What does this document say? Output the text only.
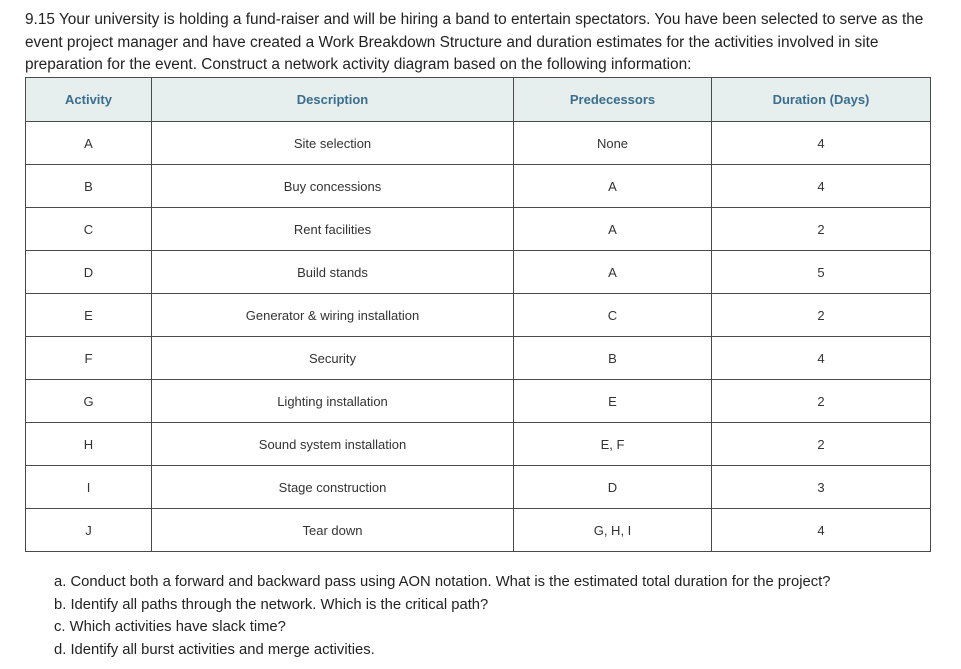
9.15 Your university is holding a fund-raiser and will be hiring a band to entertain spectators. You have been selected to serve as the event project manager and have created a Work Breakdown Structure and duration estimates for the activities involved in site preparation for the event. Construct a network activity diagram based on the following information:
Activity	Description	Predecessors	Duration (Days)
A	Site selection	None	4
B	Buy concessions	A	4
C	Rent facilities	A	2
D	Build stands	A	5
E	Generator & wiring installation	C	2
F	Security	B	4
G	Lighting installation	E	2
H	Sound system installation	E, F	2
I	Stage construction	D	3
J	Tear down	G, H, I	4
a. Conduct both a forward and backward pass using AON notation. What is the estimated total duration for the project?
b. Identify all paths through the network. Which is the critical path?
c. Which activities have slack time?
d. Identify all burst activities and merge activities.
